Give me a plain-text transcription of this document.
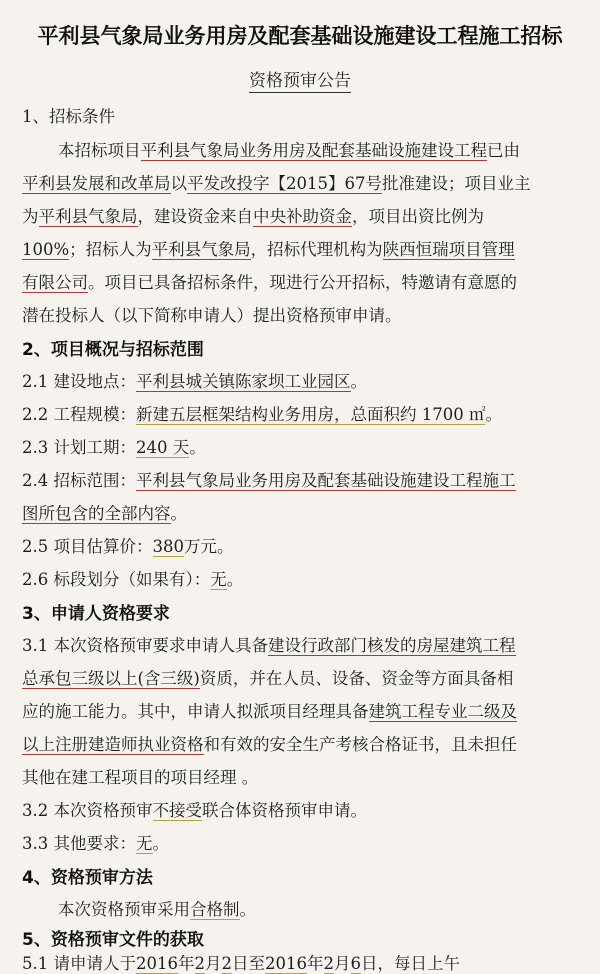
平利县气象局业务用房及配套基础设施建设工程施工招标
资格预审公告
1、招标条件
本招标项目平利县气象局业务用房及配套基础设施建设工程已由
平利县发展和改革局以平发改投字【2015】67号批准建设；项目业主
为平利县气象局，建设资金来自中央补助资金，项目出资比例为
100%；招标人为平利县气象局，招标代理机构为陕西恒瑞项目管理
有限公司。项目已具备招标条件，现进行公开招标，特邀请有意愿的
潜在投标人（以下简称申请人）提出资格预审申请。
2、项目概况与招标范围
2.1 建设地点：平利县城关镇陈家坝工业园区。
2.2 工程规模：新建五层框架结构业务用房，总面积约 1700 ㎡。
2.3 计划工期：240 天。
2.4 招标范围：平利县气象局业务用房及配套基础设施建设工程施工
图所包含的全部内容。
2.5 项目估算价：380万元。
2.6 标段划分（如果有）：无。
3、申请人资格要求
3.1 本次资格预审要求申请人具备建设行政部门核发的房屋建筑工程
总承包三级以上(含三级)资质，并在人员、设备、资金等方面具备相
应的施工能力。其中，申请人拟派项目经理具备建筑工程专业二级及
以上注册建造师执业资格和有效的安全生产考核合格证书，且未担任
其他在建工程项目的项目经理 。
3.2 本次资格预审不接受联合体资格预审申请。
3.3 其他要求：无。
4、资格预审方法
本次资格预审采用合格制。
5、资格预审文件的获取
5.1 请申请人于2016年2月2日至2016年2月6日，每日上午
